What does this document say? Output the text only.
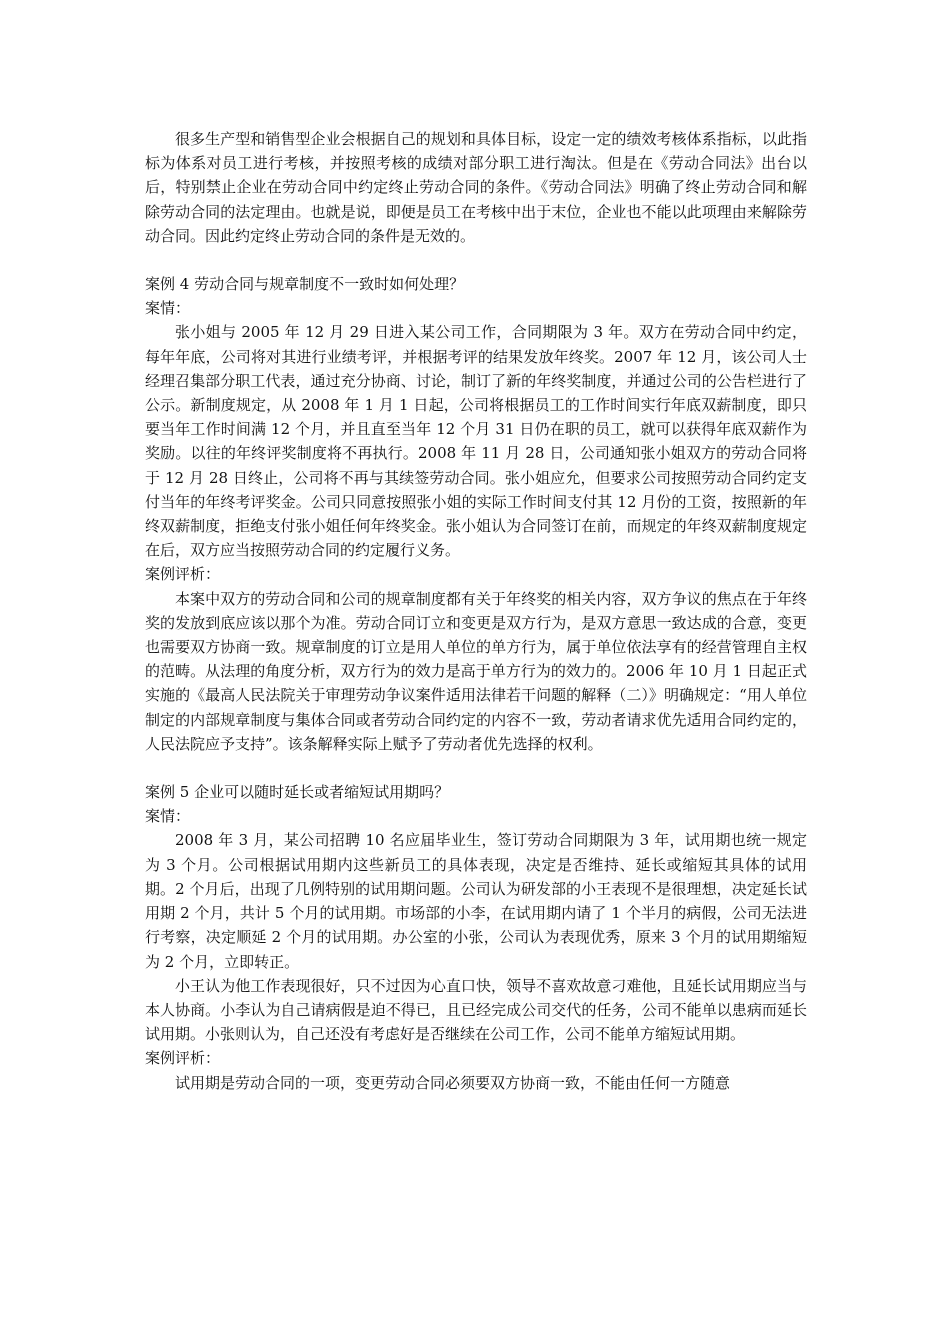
很多生产型和销售型企业会根据自己的规划和具体目标，设定一定的绩效考核体系指标，以此指标为体系对员工进行考核，并按照考核的成绩对部分职工进行淘汰。但是在《劳动合同法》出台以后，特别禁止企业在劳动合同中约定终止劳动合同的条件。《劳动合同法》明确了终止劳动合同和解除劳动合同的法定理由。也就是说，即便是员工在考核中出于末位，企业也不能以此项理由来解除劳动合同。因此约定终止劳动合同的条件是无效的。

案例 4 劳动合同与规章制度不一致时如何处理？

案情：

张小姐与 2005 年 12 月 29 日进入某公司工作，合同期限为 3 年。双方在劳动合同中约定，每年年底，公司将对其进行业绩考评，并根据考评的结果发放年终奖。2007 年 12 月，该公司人士经理召集部分职工代表，通过充分协商、讨论，制订了新的年终奖制度，并通过公司的公告栏进行了公示。新制度规定，从 2008 年 1 月 1 日起，公司将根据员工的工作时间实行年底双薪制度，即只要当年工作时间满 12 个月，并且直至当年 12 个月 31 日仍在职的员工，就可以获得年底双薪作为奖励。以往的年终评奖制度将不再执行。2008 年 11 月 28 日，公司通知张小姐双方的劳动合同将于 12 月 28 日终止，公司将不再与其续签劳动合同。张小姐应允，但要求公司按照劳动合同约定支付当年的年终考评奖金。公司只同意按照张小姐的实际工作时间支付其 12 月份的工资，按照新的年终双薪制度，拒绝支付张小姐任何年终奖金。张小姐认为合同签订在前，而规定的年终双薪制度规定在后，双方应当按照劳动合同的约定履行义务。

案例评析：

本案中双方的劳动合同和公司的规章制度都有关于年终奖的相关内容，双方争议的焦点在于年终奖的发放到底应该以那个为准。劳动合同订立和变更是双方行为，是双方意思一致达成的合意，变更也需要双方协商一致。规章制度的订立是用人单位的单方行为，属于单位依法享有的经营管理自主权的范畴。从法理的角度分析，双方行为的效力是高于单方行为的效力的。2006 年 10 月 1 日起正式实施的《最高人民法院关于审理劳动争议案件适用法律若干问题的解释（二）》明确规定：“用人单位制定的内部规章制度与集体合同或者劳动合同约定的内容不一致，劳动者请求优先适用合同约定的，人民法院应予支持”。该条解释实际上赋予了劳动者优先选择的权利。

案例 5 企业可以随时延长或者缩短试用期吗？

案情：

2008 年 3 月，某公司招聘 10 名应届毕业生，签订劳动合同期限为 3 年，试用期也统一规定为 3 个月。公司根据试用期内这些新员工的具体表现，决定是否维持、延长或缩短其具体的试用期。2 个月后，出现了几例特别的试用期问题。公司认为研发部的小王表现不是很理想，决定延长试用期 2 个月，共计 5 个月的试用期。市场部的小李，在试用期内请了 1 个半月的病假，公司无法进行考察，决定顺延 2 个月的试用期。办公室的小张，公司认为表现优秀，原来 3 个月的试用期缩短为 2 个月，立即转正。

小王认为他工作表现很好，只不过因为心直口快，领导不喜欢故意刁难他，且延长试用期应当与本人协商。小李认为自己请病假是迫不得已，且已经完成公司交代的任务，公司不能单以患病而延长试用期。小张则认为，自己还没有考虑好是否继续在公司工作，公司不能单方缩短试用期。

案例评析：

试用期是劳动合同的一项，变更劳动合同必须要双方协商一致，不能由任何一方随意
